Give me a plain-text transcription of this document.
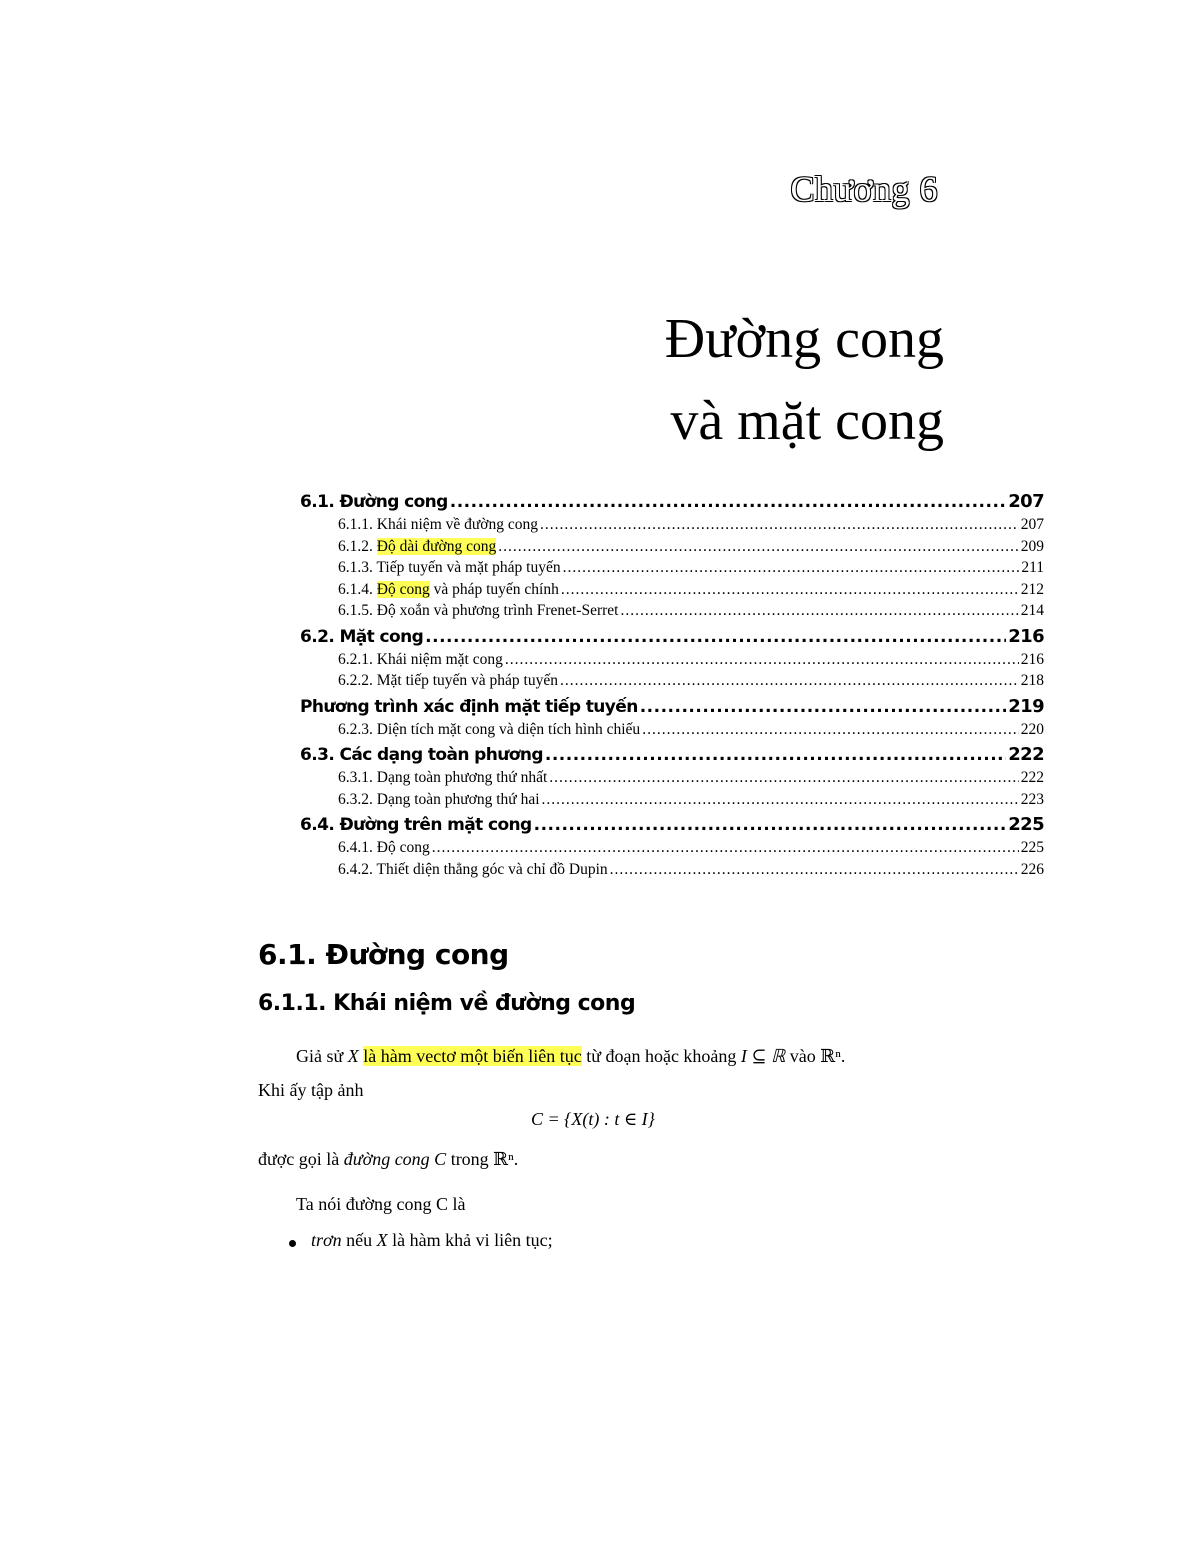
Chương 6
Đường cong
và mặt cong
6.1. Đường cong .....	207
6.1.1. Khái niệm về đường cong .....	207
6.1.2. Độ dài đường cong .....	209
6.1.3. Tiếp tuyến và mặt pháp tuyến .....	211
6.1.4. Độ cong và pháp tuyến chính .....	212
6.1.5. Độ xoắn và phương trình Frenet-Serret .....	214
6.2. Mặt cong .....	216
6.2.1. Khái niệm mặt cong .....	216
6.2.2. Mặt tiếp tuyến và pháp tuyến .....	218
Phương trình xác định mặt tiếp tuyến .....	219
6.2.3. Diện tích mặt cong và diện tích hình chiếu .....	220
6.3. Các dạng toàn phương .....	222
6.3.1. Dạng toàn phương thứ nhất .....	222
6.3.2. Dạng toàn phương thứ hai .....	223
6.4. Đường trên mặt cong .....	225
6.4.1. Độ cong .....	225
6.4.2. Thiết diện thẳng góc và chỉ đồ Dupin .....	226
6.1. Đường cong
6.1.1. Khái niệm về đường cong
Giả sử X là hàm vectơ một biến liên tục từ đoạn hoặc khoảng I ⊆ ℝ vào ℝⁿ.
Khi ấy tập ảnh
C = {X(t) : t ∈ I}
được gọi là đường cong C trong ℝⁿ.
Ta nói đường cong C là
trơn nếu X là hàm khả vi liên tục;
